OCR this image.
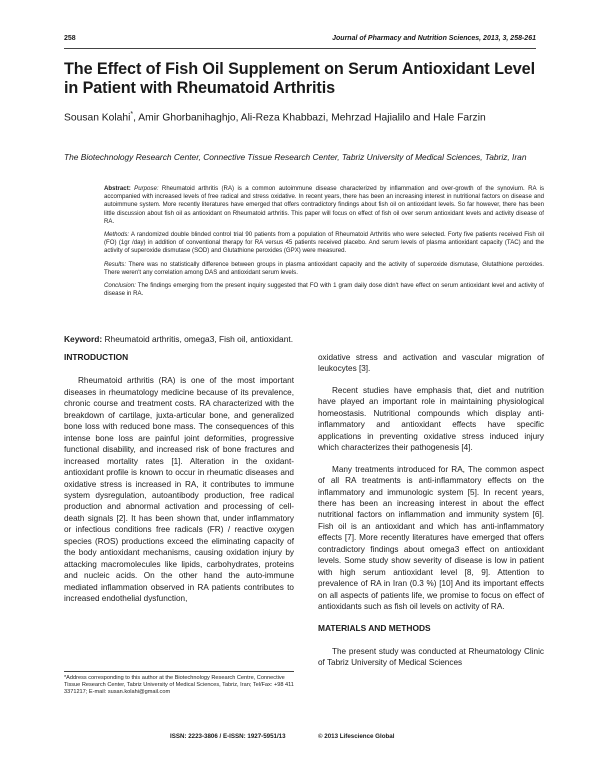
258	Journal of Pharmacy and Nutrition Sciences, 2013, 3, 258-261
The Effect of Fish Oil Supplement on Serum Antioxidant Level in Patient with Rheumatoid Arthritis
Sousan Kolahi*, Amir Ghorbanihaghjo, Ali-Reza Khabbazi, Mehrzad Hajialilo and Hale Farzin
The Biotechnology Research Center, Connective Tissue Research Center, Tabriz University of Medical Sciences, Tabriz, Iran

Abstract: Purpose: Rheumatoid arthritis (RA) is a common autoimmune disease characterized by inflammation and over-growth of the synovium. RA is accompanied with increased levels of free radical and stress oxidative. In recent years, there has been an increasing interest in nutritional factors on disease and autoimmune system. More recently literatures have emerged that offers contradictory findings about fish oil on antioxidant levels. So far however, there has been little discussion about fish oil as antioxidant on Rheumatoid arthritis. This paper will focus on effect of fish oil over serum antioxidant levels and activity disease of RA.

Methods: A randomized double blinded control trial 90 patients from a population of Rheumatoid Arthritis who were selected. Forty five patients received Fish oil (FO) (1gr /day) in addition of conventional therapy for RA versus 45 patients received placebo. And serum levels of plasma antioxidant capacity (TAC) and the activity of superoxide dismutase (SOD) and Glutathione peroxides (GPX) were measured.

Results: There was no statistically difference between groups in plasma antioxidant capacity and the activity of superoxide dismutase, Glutathione peroxides. There weren't any correlation among DAS and antioxidant serum levels.

Conclusion: The findings emerging from the present inquiry suggested that FO with 1 gram daily dose didn't have effect on serum antioxidant level and activity of disease in RA.

Keyword: Rheumatoid arthritis, omega3, Fish oil, antioxidant.
INTRODUCTION

Rheumatoid arthritis (RA) is one of the most important diseases in rheumatology medicine because of its prevalence, chronic course and treatment costs. RA characterized with the breakdown of cartilage, juxta-articular bone, and generalized bone loss with reduced bone mass. The consequences of this intense bone loss are painful joint deformities, progressive functional disability, and increased risk of bone fractures and increased mortality rates [1]. Alteration in the oxidant-antioxidant profile is known to occur in rheumatic diseases and oxidative stress is increased in RA, it contributes to immune system dysregulation, autoantibody production, free radical production and abnormal activation and processing of cell-death signals [2]. It has been shown that, under inflammatory or infectious conditions free radicals (FR) / reactive oxygen species (ROS) productions exceed the eliminating capacity of the body antioxidant mechanisms, causing oxidation injury by attacking macromolecules like lipids, carbohydrates, proteins and nucleic acids. On the other hand the auto-immune mediated inflammation observed in RA patients contributes to increased endothelial dysfunction,

*Address corresponding to this author at the Biotechnology Research Centre, Connective Tissue Research Center, Tabriz University of Medical Sciences, Tabriz, Iran; Tel/Fax: +98 411 3371217; E-mail: susan.kolahi@gmail.com

oxidative stress and activation and vascular migration of leukocytes [3].

Recent studies have emphasis that, diet and nutrition have played an important role in maintaining physiological homeostasis. Nutritional compounds which display anti-inflammatory and antioxidant effects have specific applications in preventing oxidative stress induced injury which characterizes their pathogenesis [4].

Many treatments introduced for RA, The common aspect of all RA treatments is anti-inflammatory effects on the inflammatory and immunologic system [5]. In recent years, there has been an increasing interest in about the effect nutritional factors on inflammation and immunity system [6]. Fish oil is an antioxidant and which has anti-inflammatory effects [7]. More recently literatures have emerged that offers contradictory findings about omega3 effect on antioxidant levels. Some study show severity of disease is low in patient with high serum antioxidant level [8, 9]. Attention to prevalence of RA in Iran (0.3 %) [10] And its important effects on all aspects of patients life, we promise to focus on effect of antioxidants such as fish oil levels on activity of RA.

MATERIALS AND METHODS

The present study was conducted at Rheumatology Clinic of Tabriz University of Medical Sciences

ISSN: 2223-3806 / E-ISSN: 1927-5951/13	© 2013 Lifescience Global
